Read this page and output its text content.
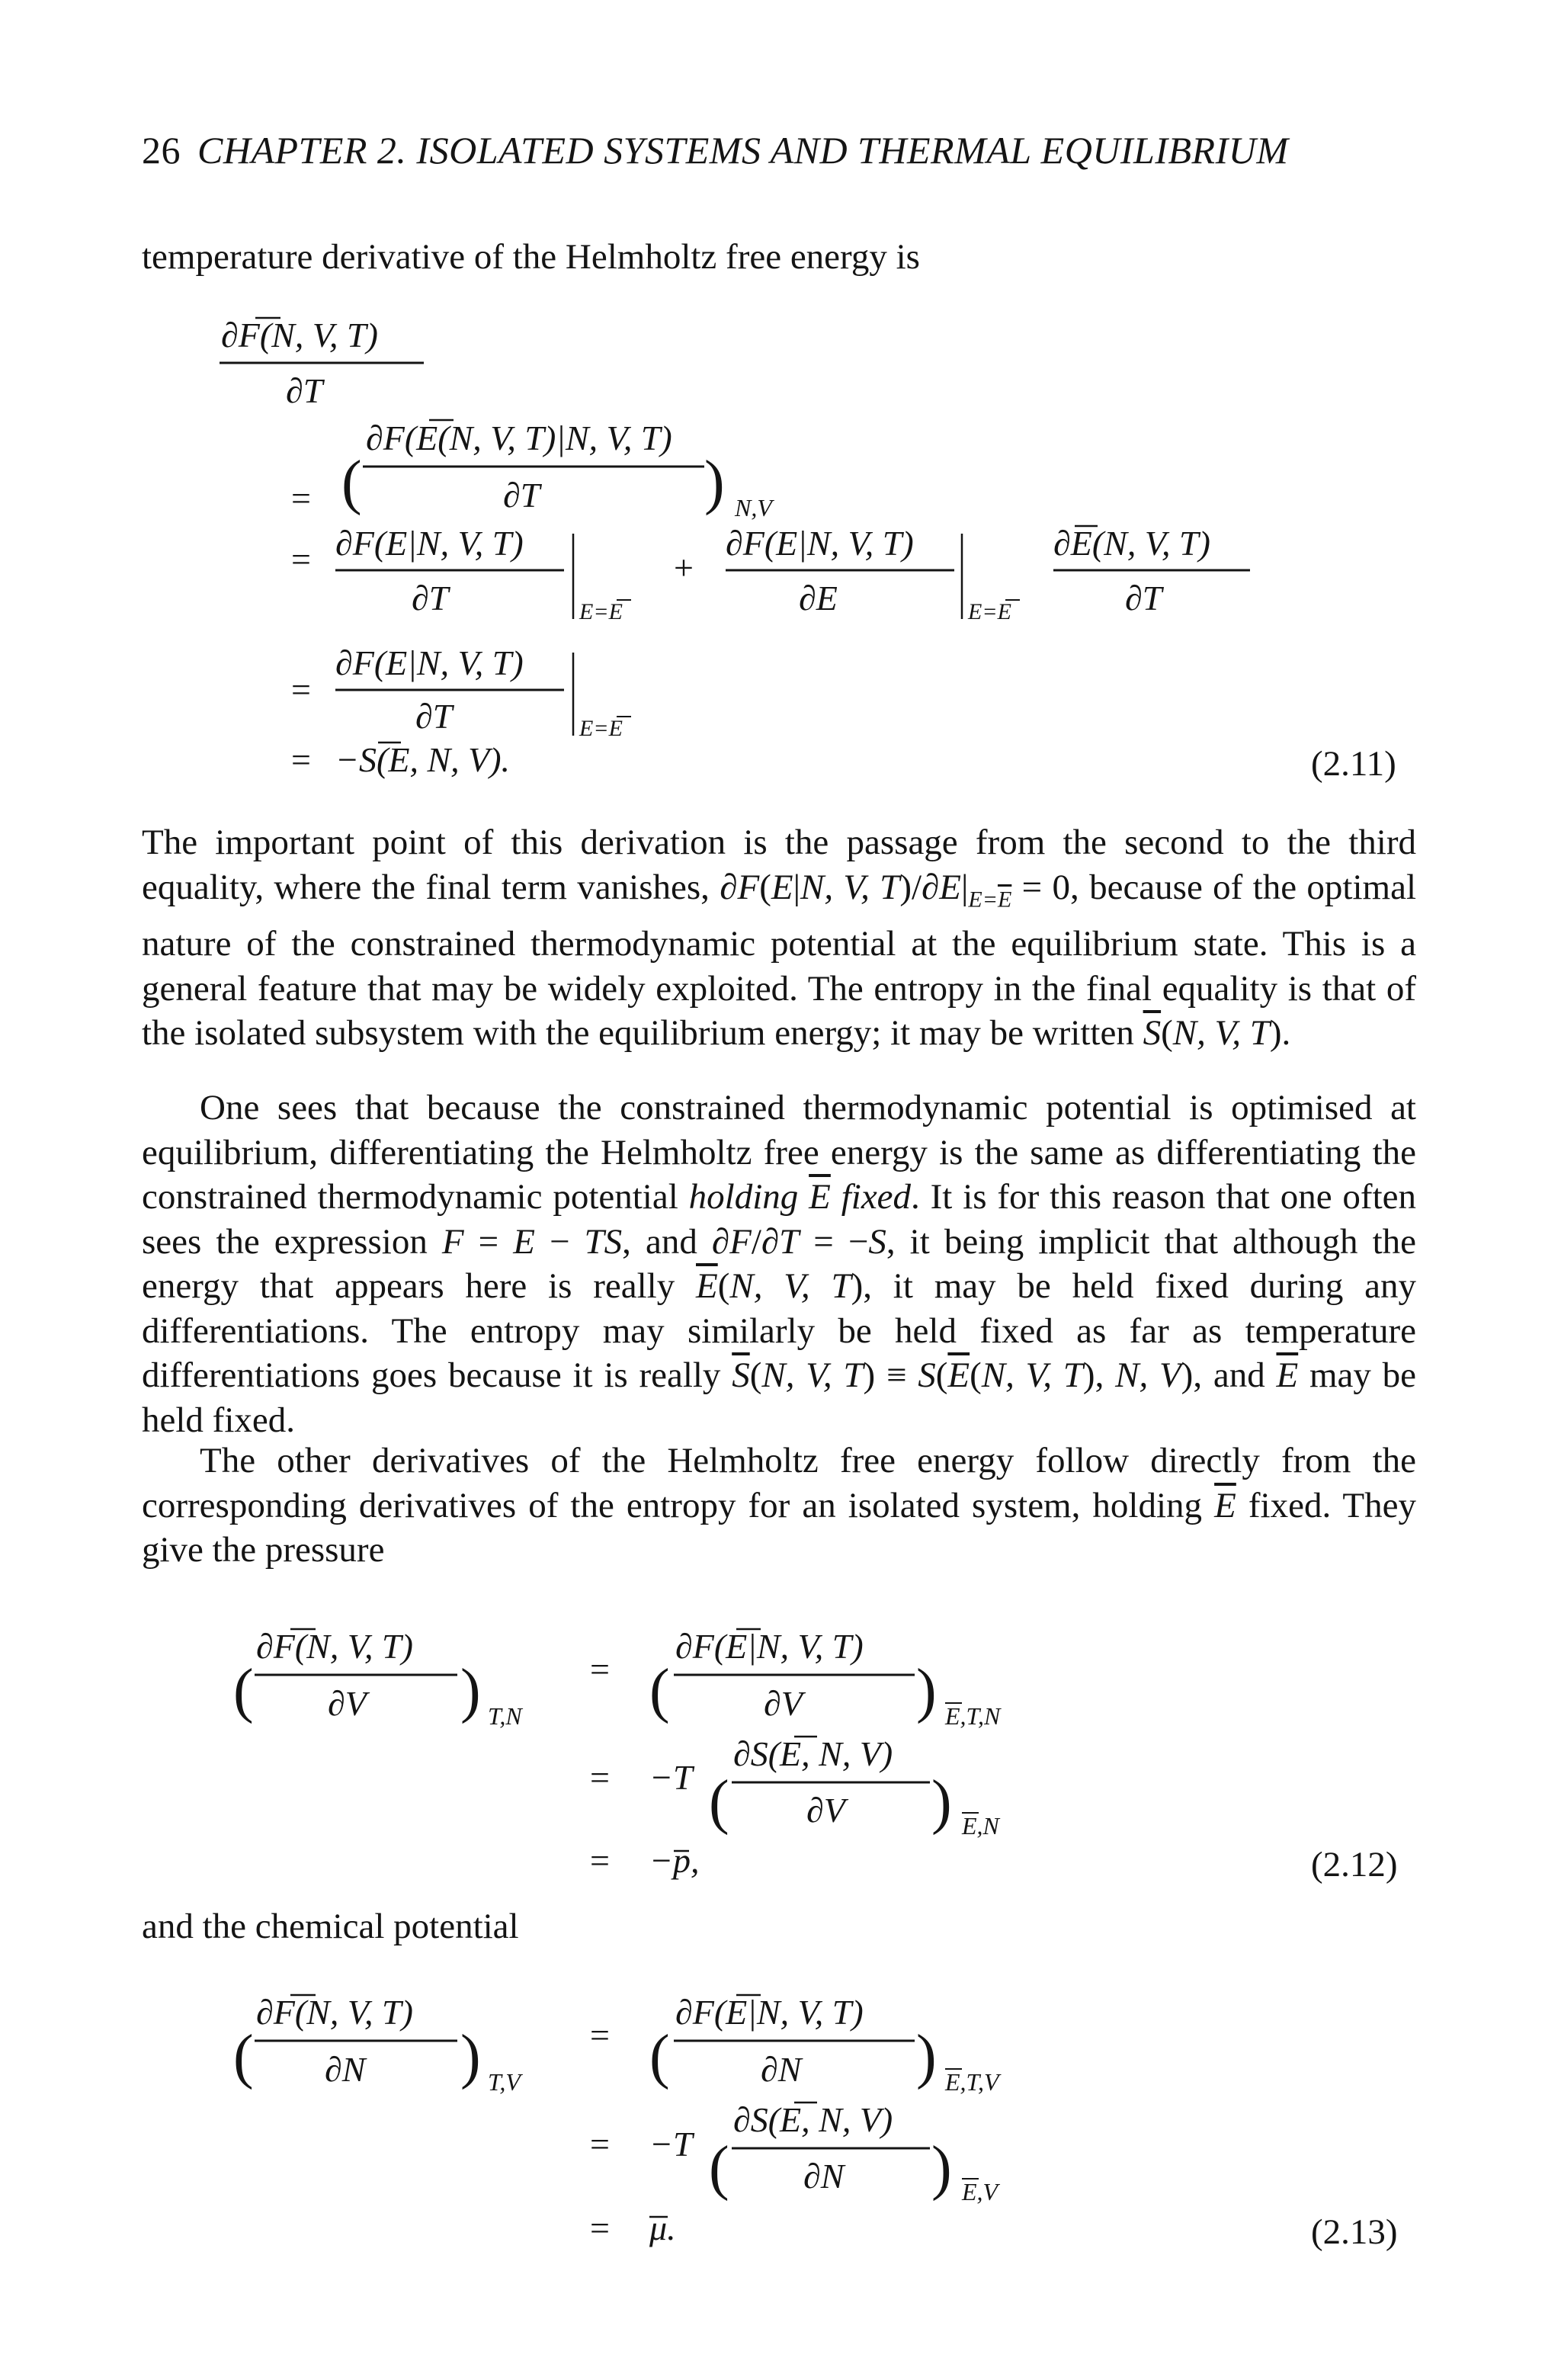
26 CHAPTER 2. ISOLATED SYSTEMS AND THERMAL EQUILIBRIUM
temperature derivative of the Helmholtz free energy is
∂F(N, V, T)
∂T
= (
∂F(E(N, V, T)|N, V, T)
∂T	) N,V
= ∂F(E|N, V, T)
∂T	E=E
+
∂F(E|N, V, T)
∂E	E=E
∂E(N, V, T)
∂T
=
∂F(E|N, V, T)
∂T	E=E
= −S(E, N, V).	(2.11)
The important point of this derivation is the passage from the second to the third equality, where the final term vanishes, ∂F(E|N, V, $T)/\partial E|_{E=\overline{E}} = 0$, because of the optimal nature of the constrained thermodynamic potential at the equilibrium state. This is a general feature that may be widely exploited. The entropy in the final equality is that of the isolated subsystem with the equilibrium energy; it may be written $\overline{S}(N$, V, T).
One sees that because the constrained thermodynamic potential is optimised at equilibrium, differentiating the Helmholtz free energy is the same as differentiating the constrained thermodynamic potential holding $\overline{E}$ fixed. It is for this reason that one often sees the expression F = E − TS, and ∂F/∂T = −S, it being implicit that although the energy that appears here is really $\overline{E}(N$, V, T), it may be held fixed during any differentiations. The entropy may similarly be held fixed as far as temperature differentiations goes because it is really $\overline{S}(N$, V, $T) \equiv S(\overline{E}(N$, V, T), N, V), and $\overline{E}$ may be held fixed.
The other derivatives of the Helmholtz free energy follow directly from the corresponding derivatives of the entropy for an isolated system, holding $\overline{E}$ fixed. They give the pressure
(
∂F(N, V, T)
∂V ) T,N
= (
∂F(E|N, V, T)
∂V ) E,T,N
= −T (
∂S(E, N, V)
∂V ) E,N
= −p,	(2.12)
and the chemical potential
(
∂F(N, V, T)
∂N ) T,V
= (
∂F(E|N, V, T)
∂N ) E,T,V
= −T (
∂S(E, N, V)
∂N ) E,V
= μ.	(2.13)
